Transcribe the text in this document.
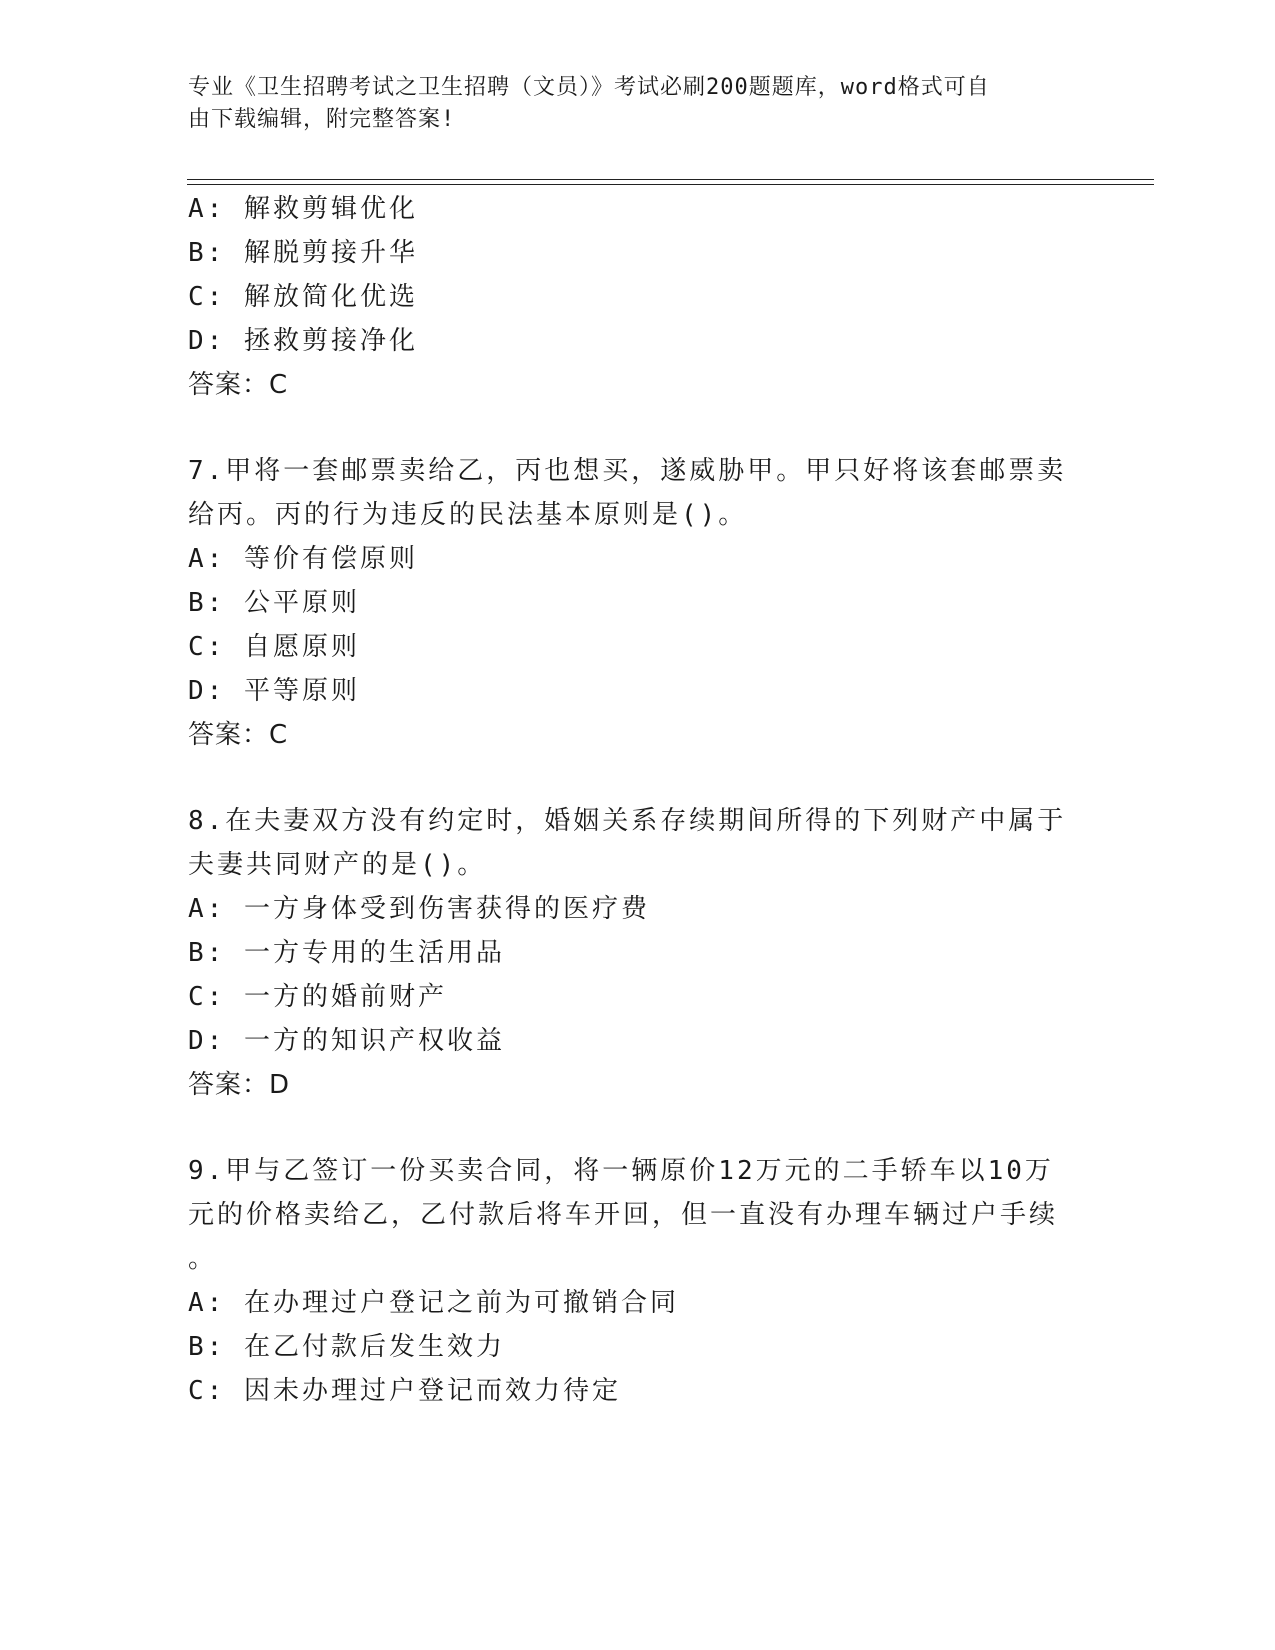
专业《卫生招聘考试之卫生招聘（文员）》考试必刷200题题库，word格式可自

由下载编辑，附完整答案!

A: 解救剪辑优化
B: 解脱剪接升华
C: 解放简化优选
D: 拯救剪接净化
答案：C
7.甲将一套邮票卖给乙，丙也想买，遂威胁甲。甲只好将该套邮票卖
给丙。丙的行为违反的民法基本原则是()。
A: 等价有偿原则
B: 公平原则
C: 自愿原则
D: 平等原则
答案：C
8.在夫妻双方没有约定时，婚姻关系存续期间所得的下列财产中属于
夫妻共同财产的是()。
A: 一方身体受到伤害获得的医疗费
B: 一方专用的生活用品
C: 一方的婚前财产
D: 一方的知识产权收益
答案：D
9.甲与乙签订一份买卖合同，将一辆原价12万元的二手轿车以10万
元的价格卖给乙，乙付款后将车开回，但一直没有办理车辆过户手续
。
A: 在办理过户登记之前为可撤销合同
B: 在乙付款后发生效力
C: 因未办理过户登记而效力待定
